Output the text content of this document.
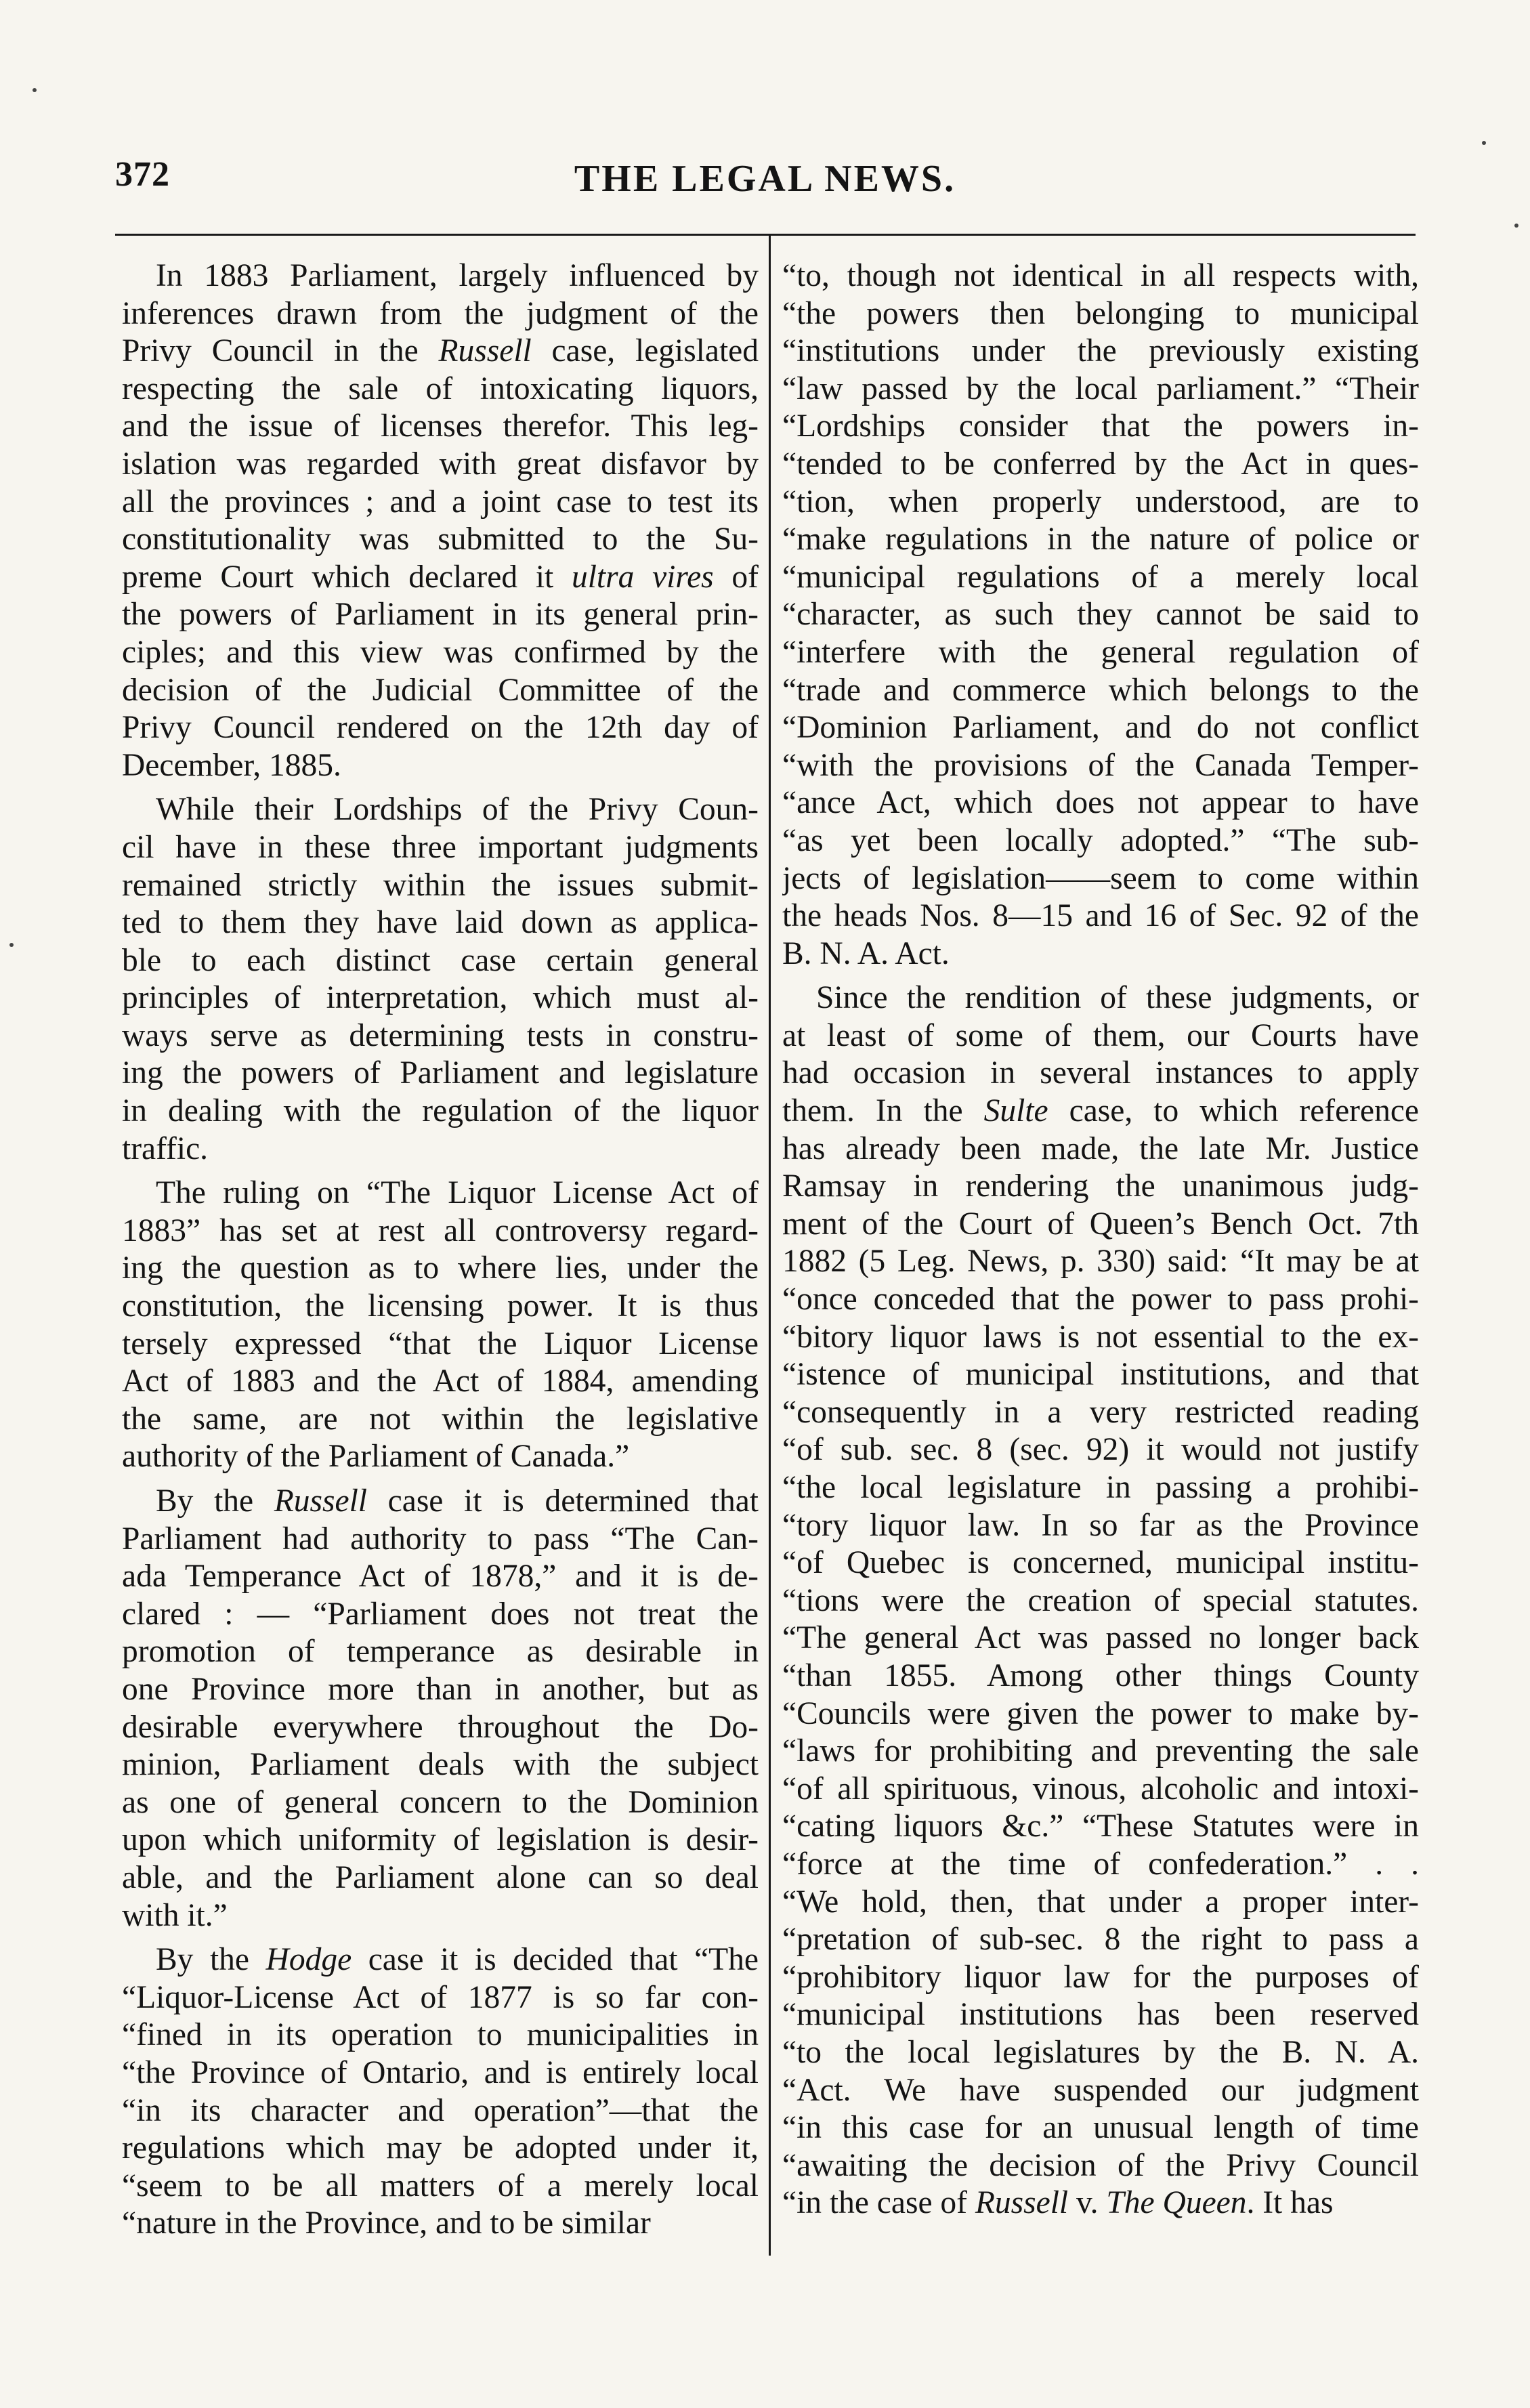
372	THE LEGAL NEWS.

In 1883 Parliament, largely influenced by
inferences drawn from the judgment of the
Privy Council in the Russell case, legislated
respecting the sale of intoxicating liquors,
and the issue of licenses therefor. This leg-
islation was regarded with great disfavor by
all the provinces ; and a joint case to test its
constitutionality was submitted to the Su-
preme Court which declared it ultra vires of
the powers of Parliament in its general prin-
ciples; and this view was confirmed by the
decision of the Judicial Committee of the
Privy Council rendered on the 12th day of
December, 1885.

While their Lordships of the Privy Coun-
cil have in these three important judgments
remained strictly within the issues submit-
ted to them they have laid down as applica-
ble to each distinct case certain general
principles of interpretation, which must al-
ways serve as determining tests in constru-
ing the powers of Parliament and legislature
in dealing with the regulation of the liquor
traffic.

The ruling on “The Liquor License Act of
1883” has set at rest all controversy regard-
ing the question as to where lies, under the
constitution, the licensing power. It is thus
tersely expressed “that the Liquor License
Act of 1883 and the Act of 1884, amending
the same, are not within the legislative
authority of the Parliament of Canada.”

By the Russell case it is determined that
Parliament had authority to pass “The Can-
ada Temperance Act of 1878,” and it is de-
clared : — “Parliament does not treat the
promotion of temperance as desirable in
one Province more than in another, but as
desirable everywhere throughout the Do-
minion, Parliament deals with the subject
as one of general concern to the Dominion
upon which uniformity of legislation is desir-
able, and the Parliament alone can so deal
with it.”

By the Hodge case it is decided that “The
“Liquor-License Act of 1877 is so far con-
“fined in its operation to municipalities in
“the Province of Ontario, and is entirely local
“in its character and operation”—that the
regulations which may be adopted under it,
“seem to be all matters of a merely local
“nature in the Province, and to be similar

“to, though not identical in all respects with,
“the powers then belonging to municipal
“institutions under the previously existing
“law passed by the local parliament.” “Their
“Lordships consider that the powers in-
“tended to be conferred by the Act in ques-
“tion, when properly understood, are to
“make regulations in the nature of police or
“municipal regulations of a merely local
“character, as such they cannot be said to
“interfere with the general regulation of
“trade and commerce which belongs to the
“Dominion Parliament, and do not conflict
“with the provisions of the Canada Temper-
“ance Act, which does not appear to have
“as yet been locally adopted.” “The sub-
jects of legislation——seem to come within
the heads Nos. 8—15 and 16 of Sec. 92 of the
B. N. A. Act.

Since the rendition of these judgments, or
at least of some of them, our Courts have
had occasion in several instances to apply
them. In the Sulte case, to which reference
has already been made, the late Mr. Justice
Ramsay in rendering the unanimous judg-
ment of the Court of Queen’s Bench Oct. 7th
1882 (5 Leg. News, p. 330) said: “It may be at
“once conceded that the power to pass prohi-
“bitory liquor laws is not essential to the ex-
“istence of municipal institutions, and that
“consequently in a very restricted reading
“of sub. sec. 8 (sec. 92) it would not justify
“the local legislature in passing a prohibi-
“tory liquor law. In so far as the Province
“of Quebec is concerned, municipal institu-
“tions were the creation of special statutes.
“The general Act was passed no longer back
“than 1855. Among other things County
“Councils were given the power to make by-
“laws for prohibiting and preventing the sale
“of all spirituous, vinous, alcoholic and intoxi-
“cating liquors &c.” “These Statutes were in
“force at the time of confederation.” . .
“We hold, then, that under a proper inter-
“pretation of sub-sec. 8 the right to pass a
“prohibitory liquor law for the purposes of
“municipal institutions has been reserved
“to the local legislatures by the B. N. A.
“Act. We have suspended our judgment
“in this case for an unusual length of time
“awaiting the decision of the Privy Council
“in the case of Russell v. The Queen. It has
